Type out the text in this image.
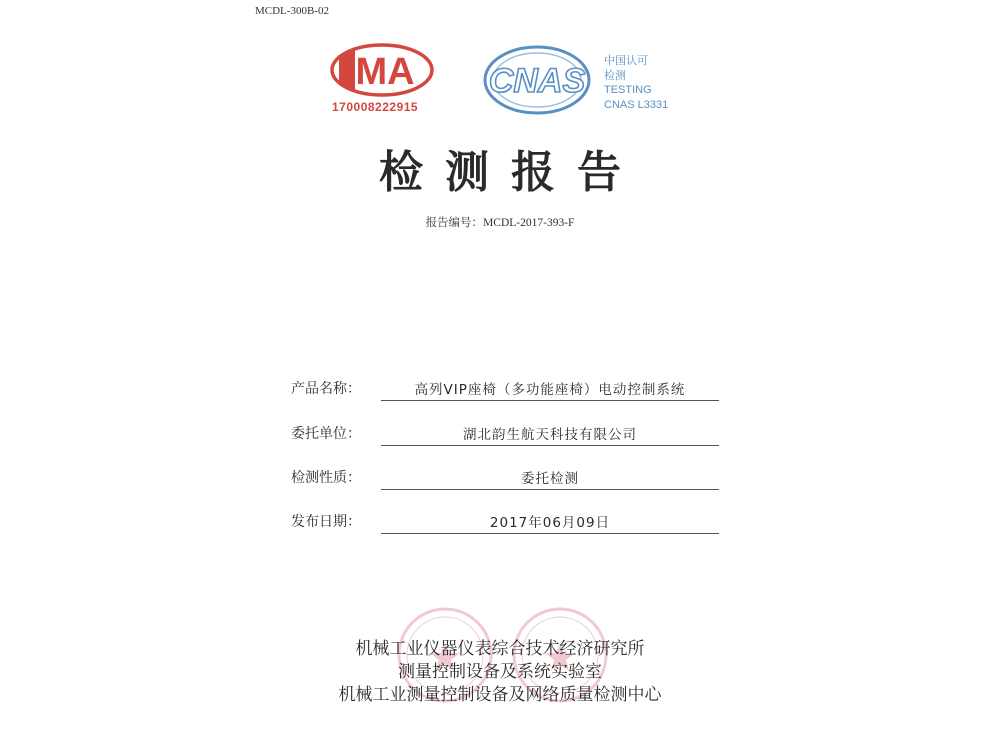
MCDL-300B-02
MA
170008222915
CNAS
中国认可
检测
TESTING
CNAS L3331
检测报告
报告编号：MCDL-2017-393-F
产品名称：	高列VIP座椅（多功能座椅）电动控制系统
委托单位：	湖北韵生航天科技有限公司
检测性质：	委托检测
发布日期：	2017年06月09日
机械工业仪器仪表综合技术经济研究所
测量控制设备及系统实验室
机械工业测量控制设备及网络质量检测中心
